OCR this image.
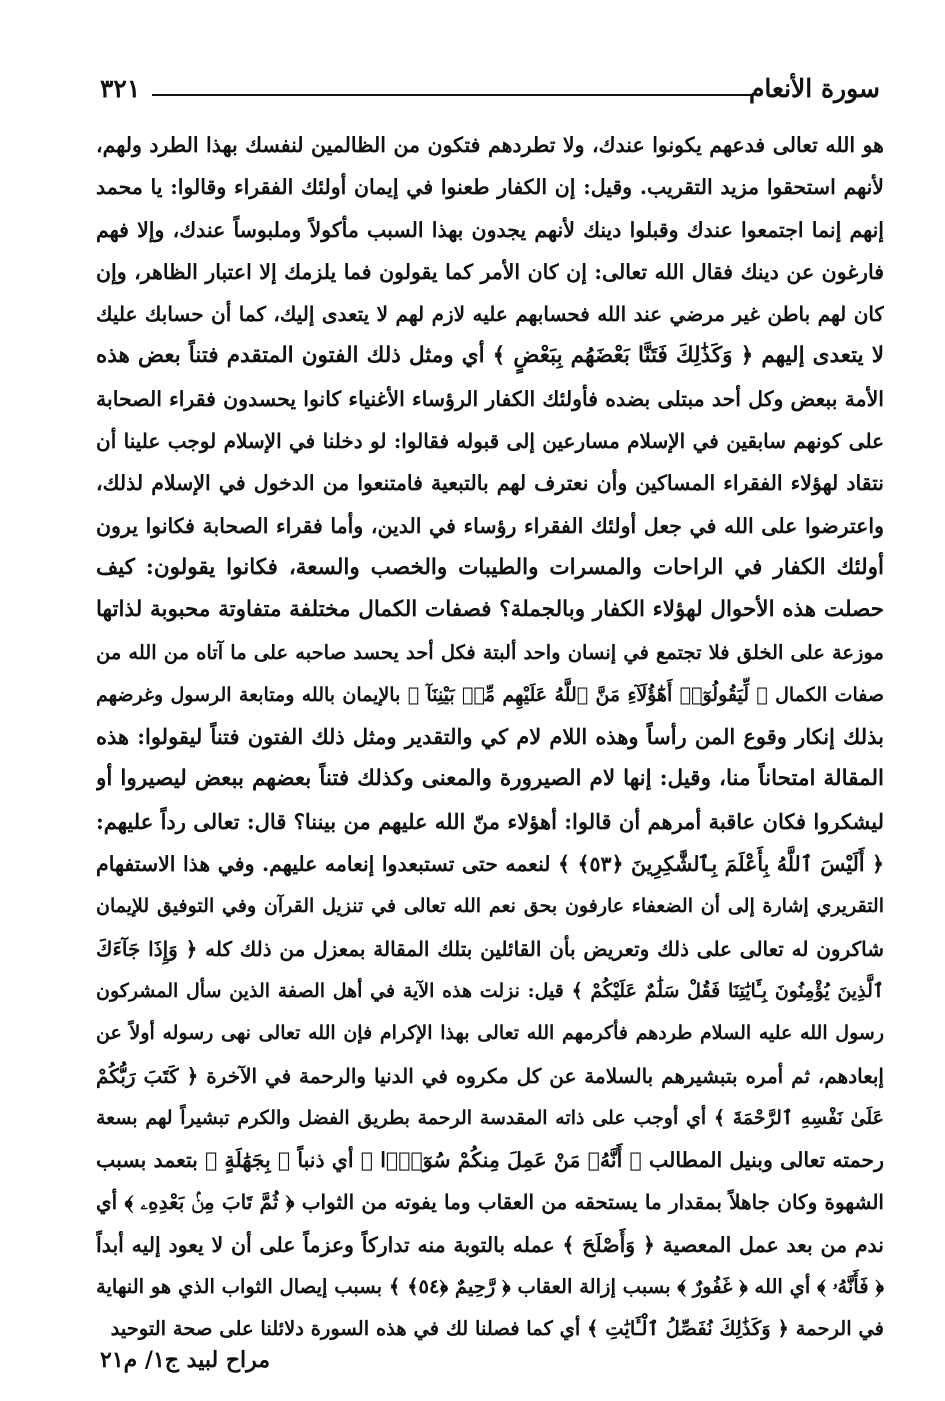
سورة الأنعام
٣٢١
هو الله تعالى فدعهم يكونوا عندك، ولا تطردهم فتكون من الظالمين لنفسك بهذا الطرد ولهم،
لأنهم استحقوا مزيد التقريب. وقيل: إن الكفار طعنوا في إيمان أولئك الفقراء وقالوا: يا محمد
إنهم إنما اجتمعوا عندك وقبلوا دينك لأنهم يجدون بهذا السبب مأكولاً وملبوساً عندك، وإلا فهم
فارغون عن دينك فقال الله تعالى: إن كان الأمر كما يقولون فما يلزمك إلا اعتبار الظاهر، وإن
كان لهم باطن غير مرضي عند الله فحسابهم عليه لازم لهم لا يتعدى إليك، كما أن حسابك عليك
لا يتعدى إليهم ﴿ وَكَذَٰلِكَ فَتَنَّا بَعْضَهُم بِبَعْضٍ ﴾ أي ومثل ذلك الفتون المتقدم فتناً بعض هذه
الأمة ببعض وكل أحد مبتلى بضده فأولئك الكفار الرؤساء الأغنياء كانوا يحسدون فقراء الصحابة
على كونهم سابقين في الإسلام مسارعين إلى قبوله فقالوا: لو دخلنا في الإسلام لوجب علينا أن
نتقاد لهؤلاء الفقراء المساكين وأن نعترف لهم بالتبعية فامتنعوا من الدخول في الإسلام لذلك،
واعترضوا على الله في جعل أولئك الفقراء رؤساء في الدين، وأما فقراء الصحابة فكانوا يرون
أولئك الكفار في الراحات والمسرات والطيبات والخصب والسعة، فكانوا يقولون: كيف
حصلت هذه الأحوال لهؤلاء الكفار وبالجملة؟ فصفات الكمال مختلفة متفاوتة محبوبة لذاتها
موزعة على الخلق فلا تجتمع في إنسان واحد ألبتة فكل أحد يحسد صاحبه على ما آتاه من الله من
صفات الكمال ﴿ لِّيَقُولُوٓا۟ أَهَٰٓؤُلَآءِ مَنَّ ٱللَّهُ عَلَيْهِم مِّنۢ بَيْنِنَآ ﴾ بالإيمان بالله ومتابعة الرسول وغرضهم
بذلك إنكار وقوع المن رأساً وهذه اللام لام كي والتقدير ومثل ذلك الفتون فتناً ليقولوا: هذه
المقالة امتحاناً منا، وقيل: إنها لام الصيرورة والمعنى وكذلك فتناً بعضهم ببعض ليصيروا أو
ليشكروا فكان عاقبة أمرهم أن قالوا: أهؤلاء منّ الله عليهم من بيننا؟ قال: تعالى رداً عليهم:
﴿ أَلَيْسَ ٱللَّهُ بِأَعْلَمَ بِٱلشَّٰكِرِينَ ﴿٥٣﴾ ﴾ لنعمه حتى تستبعدوا إنعامه عليهم. وفي هذا الاستفهام
التقريري إشارة إلى أن الضعفاء عارفون بحق نعم الله تعالى في تنزيل القرآن وفي التوفيق للإيمان
شاكرون له تعالى على ذلك وتعريض بأن القائلين بتلك المقالة بمعزل من ذلك كله ﴿ وَإِذَا جَآءَكَ
ٱلَّذِينَ يُؤْمِنُونَ بِـَٔايَٰتِنَا فَقُلْ سَلَٰمٌ عَلَيْكُمْ ﴾ قيل: نزلت هذه الآية في أهل الصفة الذين سأل المشركون
رسول الله عليه السلام طردهم فأكرمهم الله تعالى بهذا الإكرام فإن الله تعالى نهى رسوله أولاً عن
إبعادهم، ثم أمره بتبشيرهم بالسلامة عن كل مكروه في الدنيا والرحمة في الآخرة ﴿ كَتَبَ رَبُّكُمْ
عَلَىٰ نَفْسِهِ ٱلرَّحْمَةَ ﴾ أي أوجب على ذاته المقدسة الرحمة بطريق الفضل والكرم تبشيراً لهم بسعة
رحمته تعالى وبنيل المطالب ﴿ أَنَّهُۥ مَنْ عَمِلَ مِنكُمْ سُوٓءًۢا ﴾ أي ذنباً ﴿ بِجَهَٰلَةٍ ﴾ بتعمد بسبب
الشهوة وكان جاهلاً بمقدار ما يستحقه من العقاب وما يفوته من الثواب ﴿ ثُمَّ تَابَ مِنۢ بَعْدِهِۦ ﴾ أي
ندم من بعد عمل المعصية ﴿ وَأَصْلَحَ ﴾ عمله بالتوبة منه تداركاً وعزماً على أن لا يعود إليه أبداً
﴿ فَأَنَّهُۥ ﴾ أي الله ﴿ غَفُورٌ ﴾ بسبب إزالة العقاب ﴿ رَّحِيمٌ ﴿٥٤﴾ ﴾ بسبب إيصال الثواب الذي هو النهاية
في الرحمة ﴿ وَكَذَٰلِكَ نُفَصِّلُ ٱلْـَٔايَٰتِ ﴾ أي كما فصلنا لك في هذه السورة دلائلنا على صحة التوحيد
مراح لبيد ج١/ م٢١
